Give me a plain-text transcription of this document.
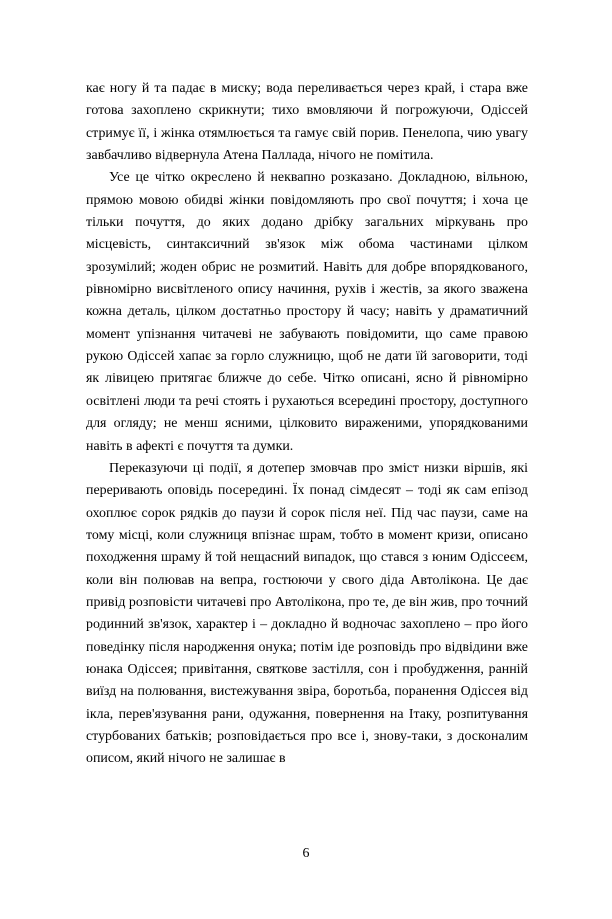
кає ногу й та падає в миску; вода переливається через край, і стара вже готова захоплено скрикнути; тихо вмовляючи й погрожуючи, Одіссей стримує її, і жінка отямлюється та гамує свій порив. Пенелопа, чию увагу завбачливо відвернула Атена Паллада, нічого не помітила.

Усе це чітко окреслено й неквапно розказано. Докладною, вільною, прямою мовою обидві жінки повідомляють про свої почуття; і хоча це тільки почуття, до яких додано дрібку загальних міркувань про місцевість, синтаксичний зв'язок між обома частинами цілком зрозумілий; жоден обрис не розмитий. Навіть для добре впорядкованого, рівномірно висвітленого опису начиння, рухів і жестів, за якого зважена кожна деталь, цілком достатньо простору й часу; навіть у драматичний момент упізнання читачеві не забувають повідомити, що саме правою рукою Одіссей хапає за горло служницю, щоб не дати їй заговорити, тоді як лівицею притягає ближче до себе. Чітко описані, ясно й рівномірно освітлені люди та речі стоять і рухаються всередині простору, доступного для огляду; не менш ясними, цілковито вираженими, упорядкованими навіть в афекті є почуття та думки.

Переказуючи ці події, я дотепер змовчав про зміст низки віршів, які переривають оповідь посередині. Їх понад сімдесят – тоді як сам епізод охоплює сорок рядків до паузи й сорок після неї. Під час паузи, саме на тому місці, коли служниця впізнає шрам, тобто в момент кризи, описано походження шраму й той нещасний випадок, що стався з юним Одіссеєм, коли він полював на вепра, гостюючи у свого діда Автолікона. Це дає привід розповісти читачеві про Автолікона, про те, де він жив, про точний родинний зв'язок, характер і – докладно й водночас захоплено – про його поведінку після народження онука; потім іде розповідь про відвідини вже юнака Одіссея; привітання, святкове застілля, сон і пробудження, ранній виїзд на полювання, вистежування звіра, боротьба, поранення Одіссея від ікла, перев'язування рани, одужання, повернення на Ітаку, розпитування стурбованих батьків; розповідається про все і, знову-таки, з досконалим описом, який нічого не залишає в

6
